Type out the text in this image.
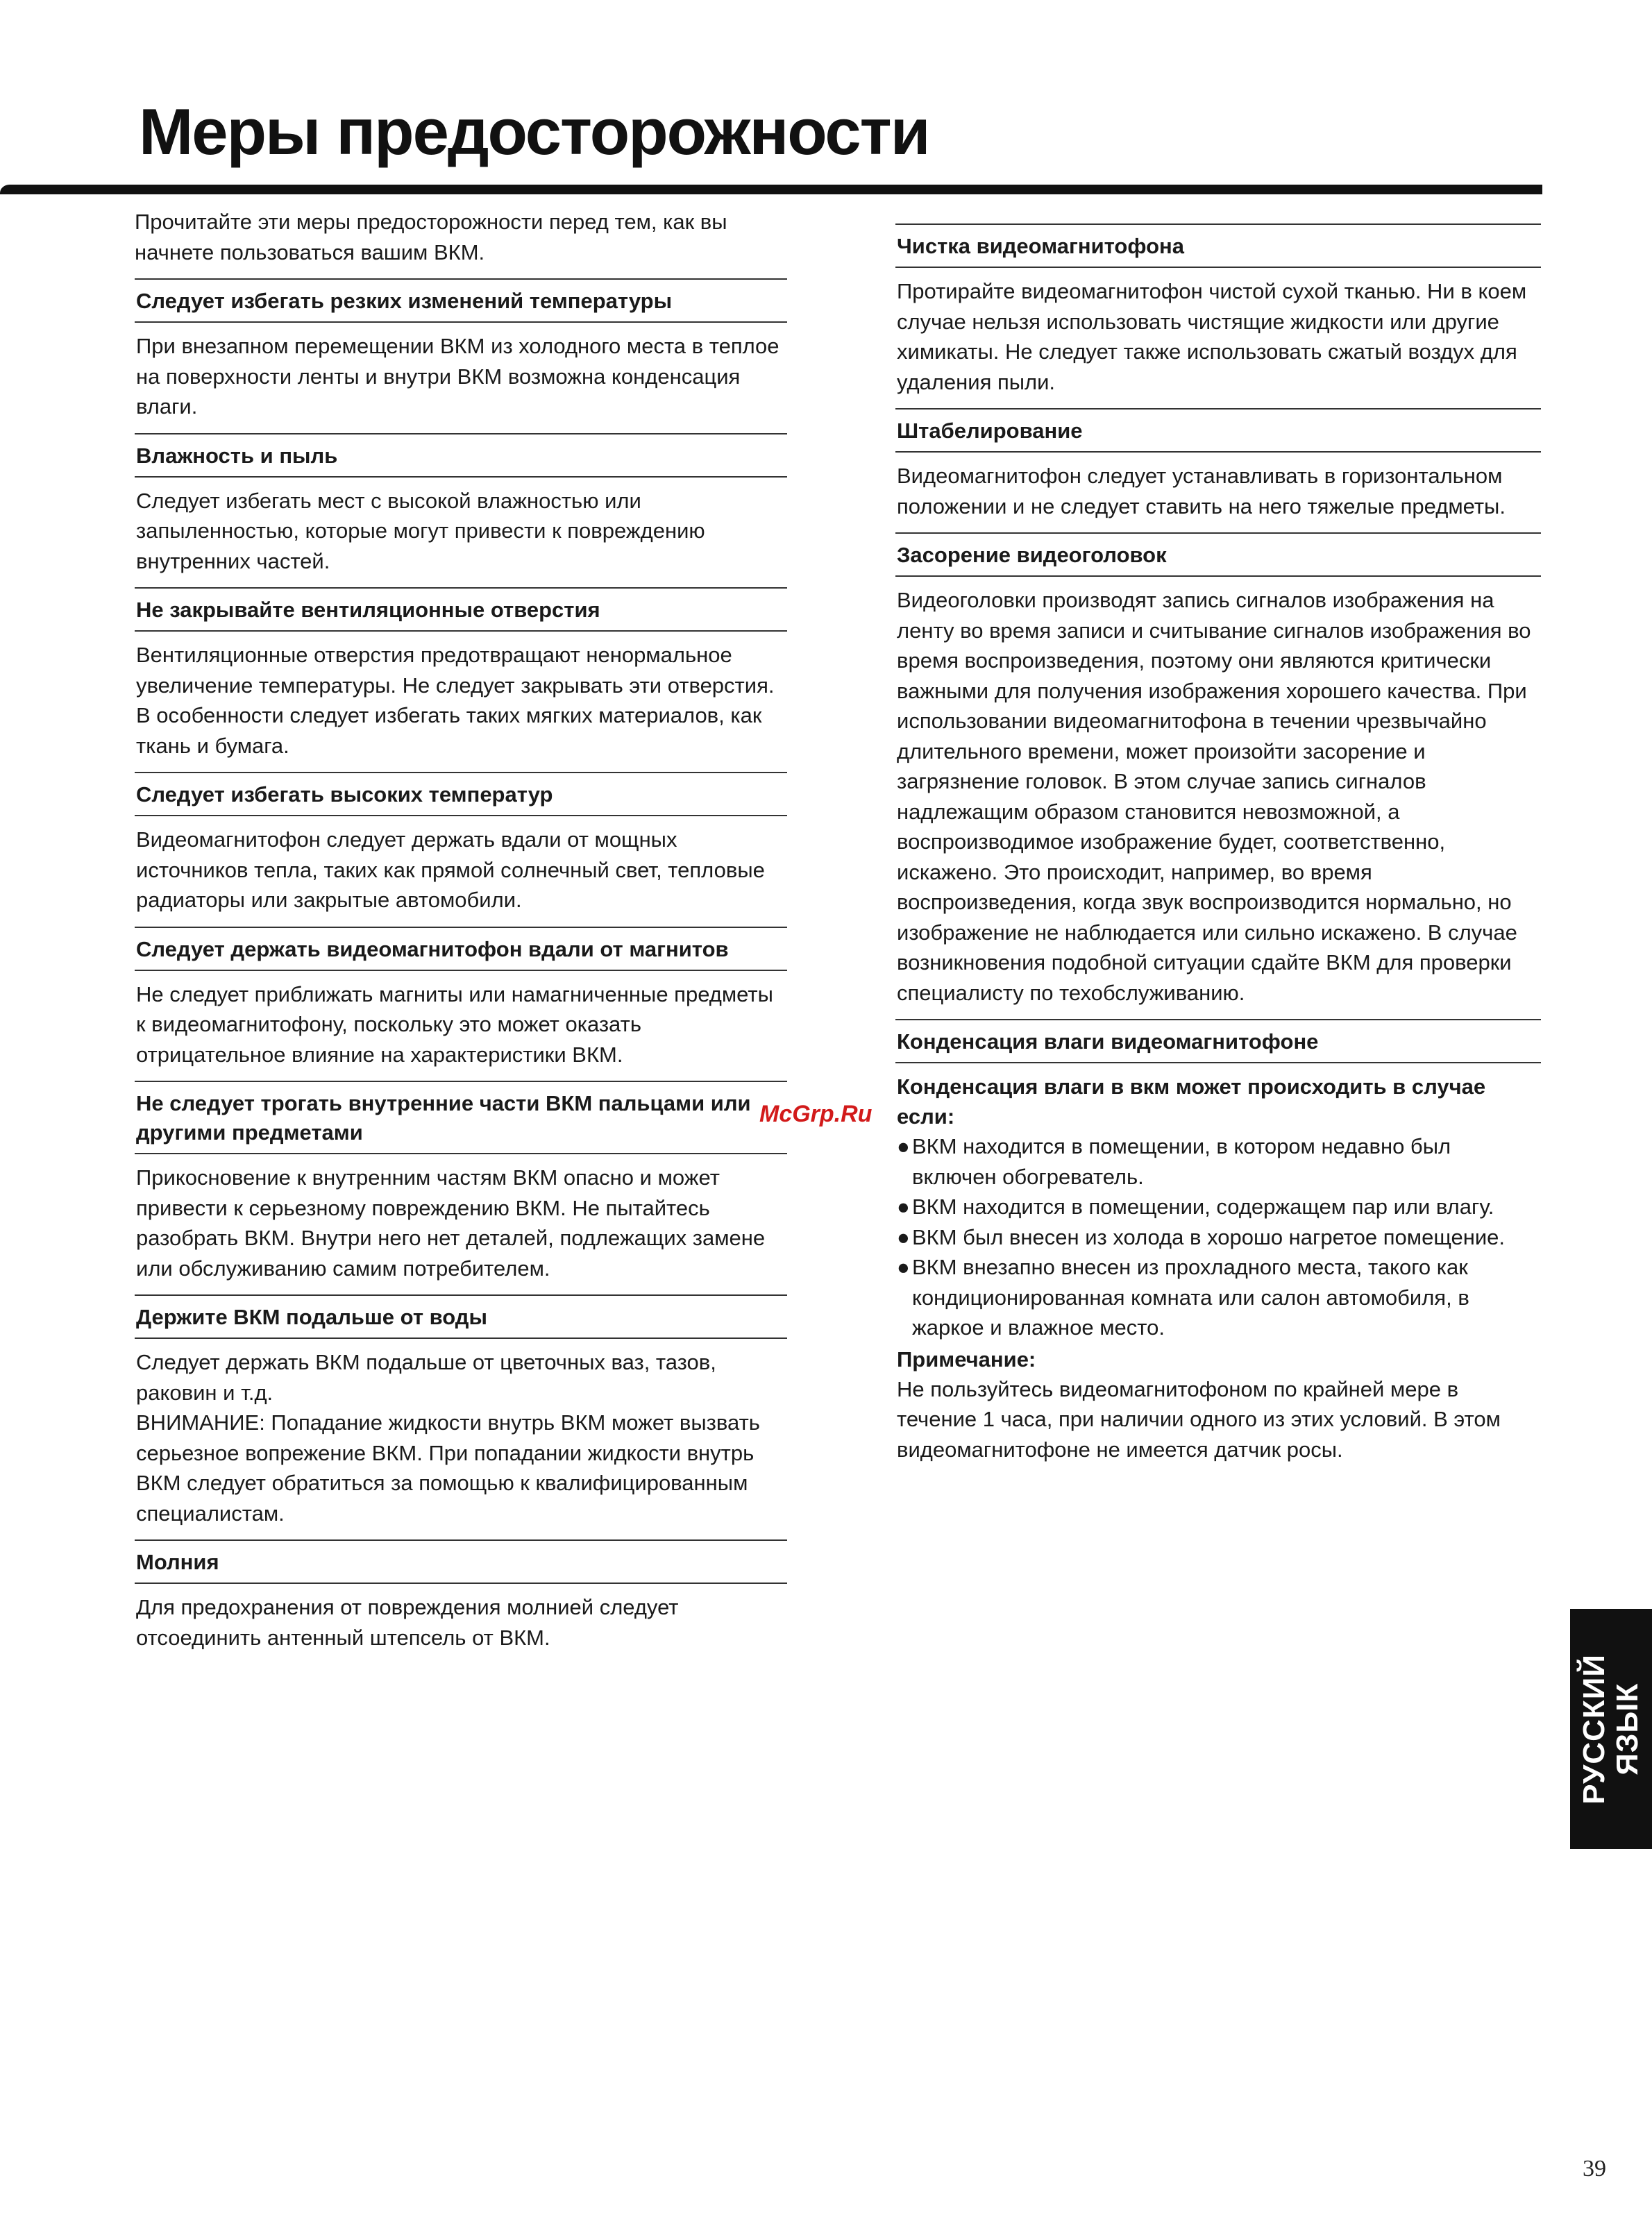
Меры предосторожности

Прочитайте эти меры предосторожности перед тем, как вы начнете пользоваться вашим ВКМ.

Следует избегать резких изменений температуры

При внезапном перемещении ВКМ из холодного места в теплое на поверхности ленты и внутри ВКМ возможна конденсация влаги.

Влажность и пыль

Следует избегать мест с высокой влажностью или запыленностью, которые могут привести к повреждению внутренних частей.

Не закрывайте вентиляционные отверстия

Вентиляционные отверстия предотвращают ненормальное увеличение температуры. Не следует закрывать эти отверстия. В особенности следует избегать таких мягких материалов, как ткань и бумага.

Следует избегать высоких температур

Видеомагнитофон следует держать вдали от мощных источников тепла, таких как прямой солнечный свет, тепловые радиаторы или закрытые автомобили.

Следует держать видеомагнитофон вдали от магнитов

Не следует приближать магниты или намагниченные предметы к видеомагнитофону, поскольку это может оказать отрицательное влияние на характеристики ВКМ.

Не следует трогать внутренние части ВКМ пальцами или другими предметами

Прикосновение к внутренним частям ВКМ опасно и может привести к серьезному повреждению ВКМ. Не пытайтесь разобрать ВКМ. Внутри него нет деталей, подлежащих замене или обслуживанию самим потребителем.

Держите ВКМ подальше от воды

Следует держать ВКМ подальше от цветочных ваз, тазов, раковин и т.д.

ВНИМАНИЕ: Попадание жидкости внутрь ВКМ может вызвать серьезное вопрежение ВКМ. При попадании жидкости внутрь ВКМ следует обратиться за помощью к квалифицированным специалистам.

Молния

Для предохранения от повреждения молнией следует отсоединить антенный штепсель от ВКМ.

Чистка видеомагнитофона

Протирайте видеомагнитофон чистой сухой тканью. Ни в коем случае нельзя использовать чистящие жидкости или другие химикаты. Не следует также использовать сжатый воздух для удаления пыли.

Штабелирование

Видеомагнитофон следует устанавливать в горизонтальном положении и не следует ставить на него тяжелые предметы.

Засорение видеоголовок

Видеоголовки производят запись сигналов изображения на ленту во время записи и считывание сигналов изображения во время воспроизведения, поэтому они являются критически важными для получения изображения хорошего качества. При использовании видеомагнитофона в течении чрезвычайно длительного времени, может произойти засорение и загрязнение головок. В этом случае запись сигналов надлежащим образом становится невозможной, а воспроизводимое изображение будет, соответственно, искажено. Это происходит, например, во время воспроизведения, когда звук воспроизводится нормально, но изображение не наблюдается или сильно искажено. В случае возникновения подобной ситуации сдайте ВКМ для проверки специалисту по техобслуживанию.

Конденсация влаги видеомагнитофоне

Конденсация влаги в вкм может происходить в случае если:

● ВКМ находится в помещении, в котором недавно был включен обогреватель.
● ВКМ находится в помещении, содержащем пар или влагу.
● ВКМ был внесен из холода в хорошо нагретое помещение.
● ВКМ внезапно внесен из прохладного места, такого как кондиционированная комната или салон автомобиля, в жаркое и влажное место.
Примечание:

Не пользуйтесь видеомагнитофоном по крайней мере в течение 1 часа, при наличии одного из этих условий. В этом видеомагнитофоне не имеется датчик росы.

McGrp.Ru
РУССКИЙ ЯЗЫК
39
